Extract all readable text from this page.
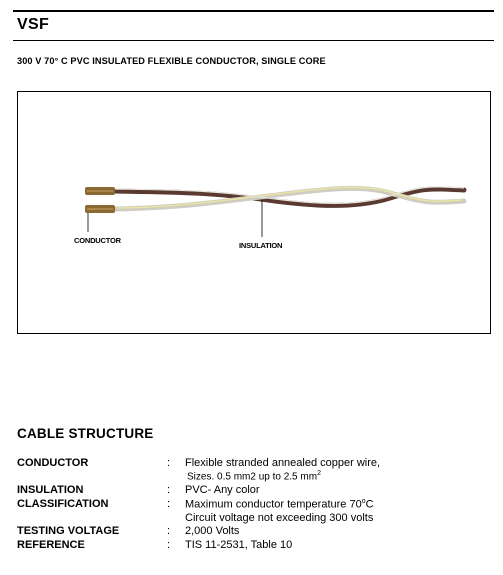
VSF
300 V 70° C PVC INSULATED FLEXIBLE CONDUCTOR, SINGLE CORE
CONDUCTOR
INSULATION
CABLE STRUCTURE
CONDUCTOR	: Flexible stranded annealed copper wire,
Sizes. 0.5 mm2 up to 2.5 $mm^2$
INSULATION	: PVC- Any color
CLASSIFICATION	: Maximum conductor temperature 70$^o$C
Circuit voltage not exceeding 300 volts
TESTING VOLTAGE	: 2,000 Volts
REFERENCE	: TIS 11-2531, Table 10
